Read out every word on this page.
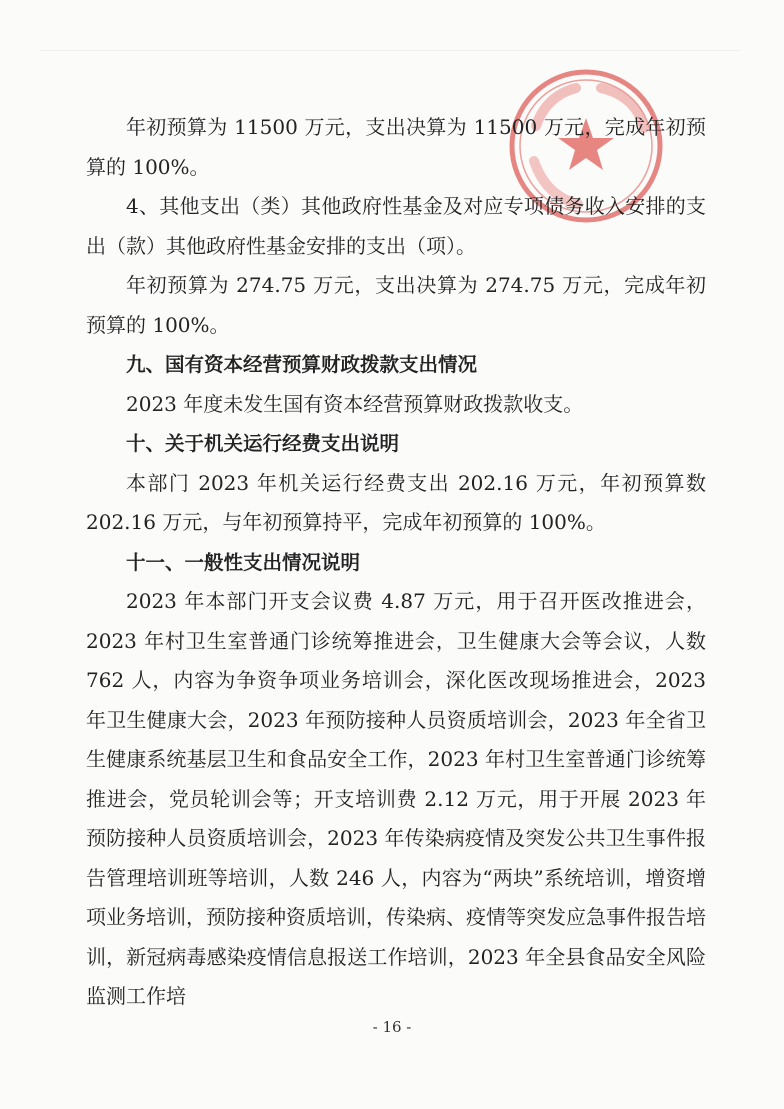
年初预算为 11500 万元，支出决算为 11500 万元，完成年初预算的 100%。

4、其他支出（类）其他政府性基金及对应专项债务收入安排的支出（款）其他政府性基金安排的支出（项）。

年初预算为 274.75 万元，支出决算为 274.75 万元，完成年初预算的 100%。

九、国有资本经营预算财政拨款支出情况

2023 年度未发生国有资本经营预算财政拨款收支。

十、关于机关运行经费支出说明

本部门 2023 年机关运行经费支出 202.16 万元，年初预算数 202.16 万元，与年初预算持平，完成年初预算的 100%。

十一、一般性支出情况说明

2023 年本部门开支会议费 4.87 万元，用于召开医改推进会，2023 年村卫生室普通门诊统筹推进会，卫生健康大会等会议，人数 762 人，内容为争资争项业务培训会，深化医改现场推进会，2023 年卫生健康大会，2023 年预防接种人员资质培训会，2023 年全省卫生健康系统基层卫生和食品安全工作，2023 年村卫生室普通门诊统筹推进会，党员轮训会等；开支培训费 2.12 万元，用于开展 2023 年预防接种人员资质培训会，2023 年传染病疫情及突发公共卫生事件报告管理培训班等培训，人数 246 人，内容为“两块”系统培训，增资增项业务培训，预防接种资质培训，传染病、疫情等突发应急事件报告培训，新冠病毒感染疫情信息报送工作培训，2023 年全县食品安全风险监测工作培

- 16 -
